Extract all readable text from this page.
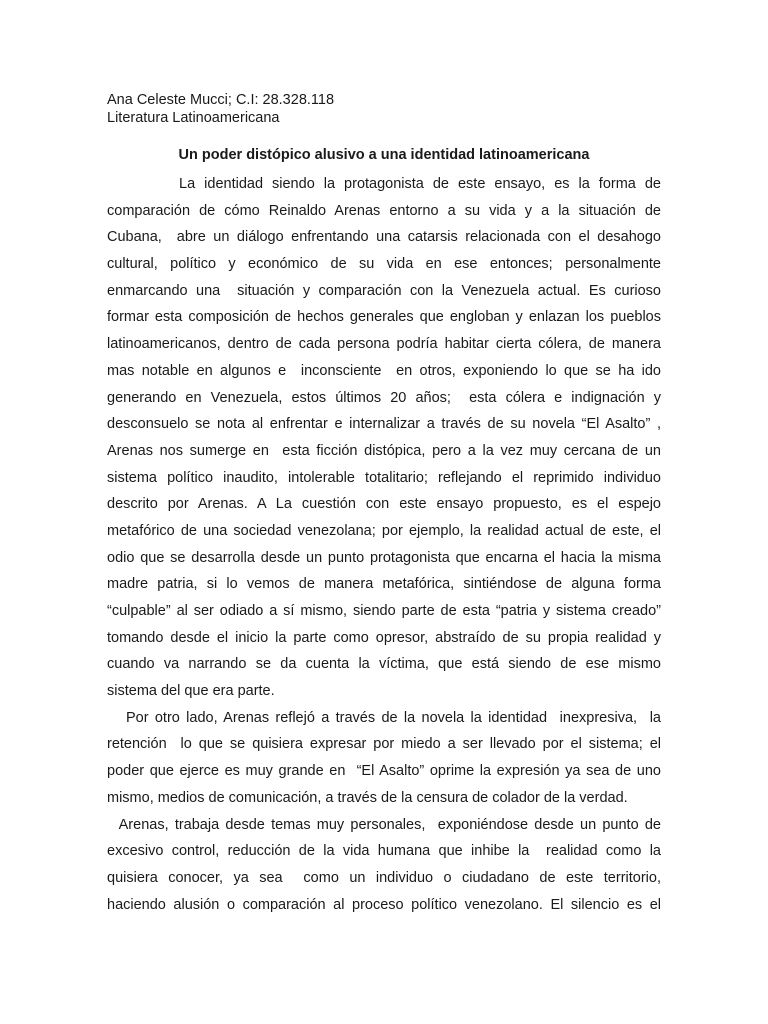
Ana Celeste Mucci; C.I: 28.328.118

Literatura Latinoamericana

Un poder distópico alusivo a una identidad latinoamericana
La identidad siendo la protagonista de este ensayo, es la forma de
comparación de cómo Reinaldo Arenas entorno a su vida y a la situación de
Cubana,  abre un diálogo enfrentando una catarsis relacionada con el desahogo
cultural, político y económico de su vida en ese entonces; personalmente
enmarcando una  situación y comparación con la Venezuela actual. Es curioso
formar esta composición de hechos generales que engloban y enlazan los pueblos
latinoamericanos, dentro de cada persona podría habitar cierta cólera, de manera
mas notable en algunos e  inconsciente  en otros, exponiendo lo que se ha ido
generando en Venezuela, estos últimos 20 años;  esta cólera e indignación y
desconsuelo se nota al enfrentar e internalizar a través de su novela “El Asalto” ,
Arenas nos sumerge en  esta ficción distópica, pero a la vez muy cercana de un
sistema político inaudito, intolerable totalitario; reflejando el reprimido individuo
descrito por Arenas. A La cuestión con este ensayo propuesto, es el espejo
metafórico de una sociedad venezolana; por ejemplo, la realidad actual de este, el
odio que se desarrolla desde un punto protagonista que encarna el hacia la misma
madre patria, si lo vemos de manera metafórica, sintiéndose de alguna forma
“culpable” al ser odiado a sí mismo, siendo parte de esta “patria y sistema creado”
tomando desde el inicio la parte como opresor, abstraído de su propia realidad y
cuando va narrando se da cuenta la víctima, que está siendo de ese mismo
sistema del que era parte.
Por otro lado, Arenas reflejó a través de la novela la identidad  inexpresiva,  la
retención  lo que se quisiera expresar por miedo a ser llevado por el sistema; el
poder que ejerce es muy grande en  “El Asalto” oprime la expresión ya sea de uno
mismo, medios de comunicación, a través de la censura de colador de la verdad.
Arenas, trabaja desde temas muy personales,  exponiéndose desde un punto de
excesivo control, reducción de la vida humana que inhibe la  realidad como la
quisiera conocer, ya sea  como un individuo o ciudadano de este territorio,
haciendo alusión o comparación al proceso político venezolano. El silencio es el
